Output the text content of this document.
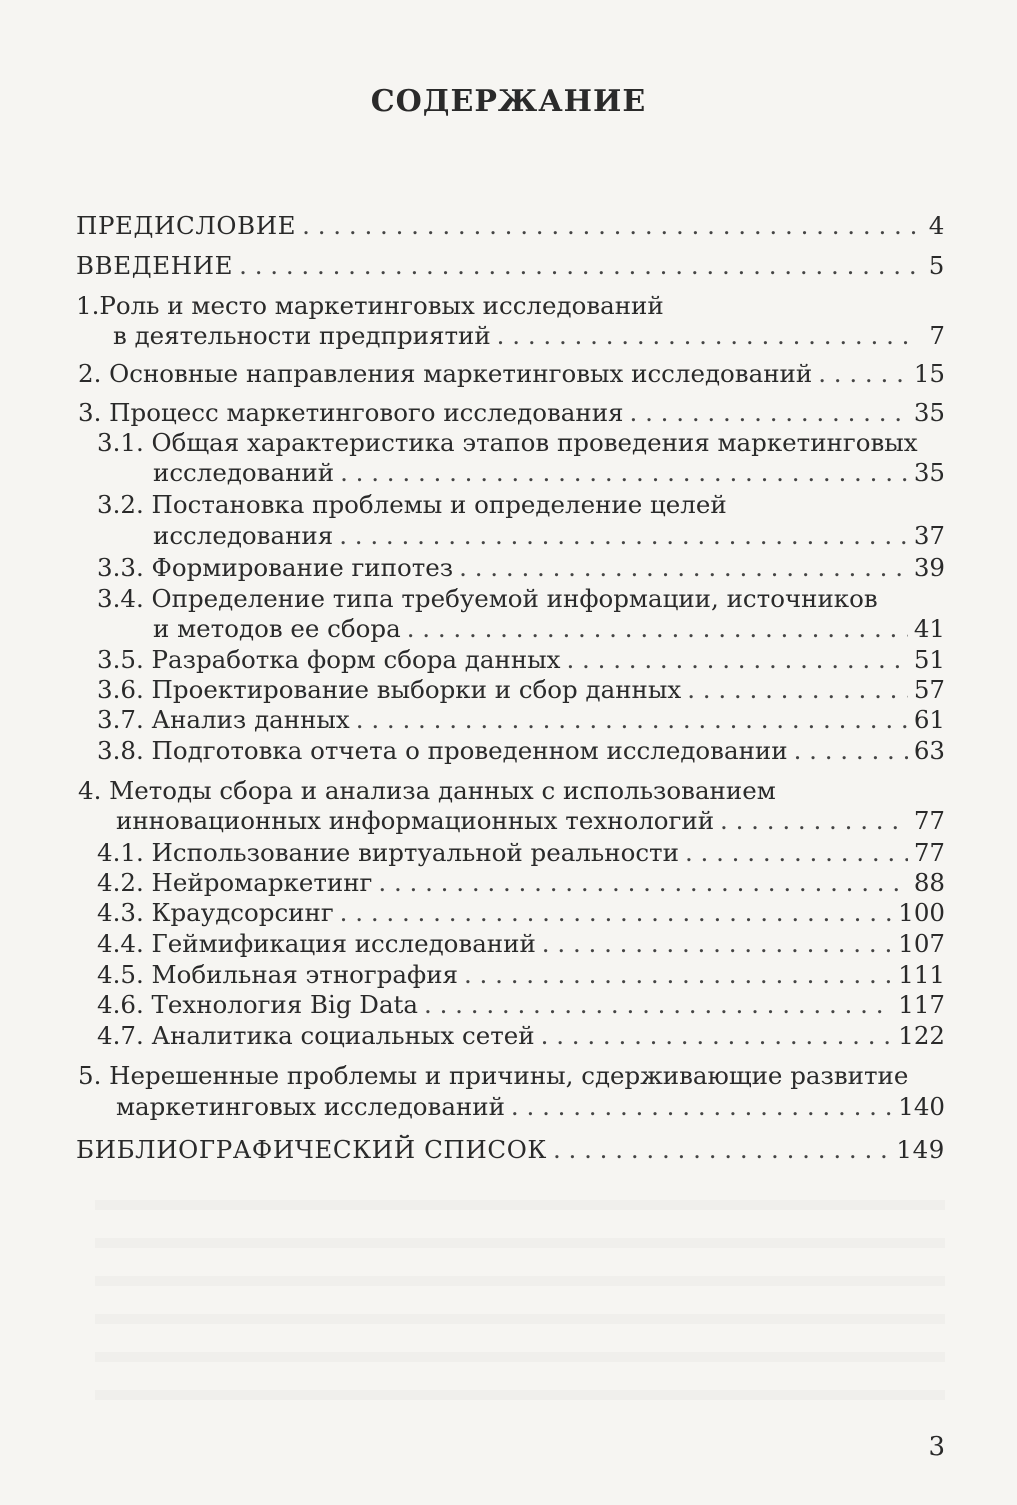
СОДЕРЖАНИЕ
ПРЕДИСЛОВИЕ . . .	4
ВВЕДЕНИЕ . . .	5
1.Роль и место маркетинговых исследований
в деятельности предприятий . . .	7
2. Основные направления маркетинговых исследований . . .	15
3. Процесс маркетингового исследования . . .	35
3.1. Общая характеристика этапов проведения маркетинговых
исследований . . .	35
3.2. Постановка проблемы и определение целей
исследования . . .	37
3.3. Формирование гипотез . . .	39
3.4. Определение типа требуемой информации, источников
и методов ее сбора . . .	41
3.5. Разработка форм сбора данных . . .	51
3.6. Проектирование выборки и сбор данных . . .	57
3.7. Анализ данных . . .	61
3.8. Подготовка отчета о проведенном исследовании . . .	63
4. Методы сбора и анализа данных с использованием
инновационных информационных технологий . . .	77
4.1. Использование виртуальной реальности . . .	77
4.2. Нейромаркетинг . . .	88
4.3. Краудсорсинг . . .	100
4.4. Геймификация исследований . . .	107
4.5. Мобильная этнография . . .	111
4.6. Технология Big Data . . .	117
4.7. Аналитика социальных сетей . . .	122
5. Нерешенные проблемы и причины, сдерживающие развитие
маркетинговых исследований . . .	140
БИБЛИОГРАФИЧЕСКИЙ СПИСОК . . .	149
3
